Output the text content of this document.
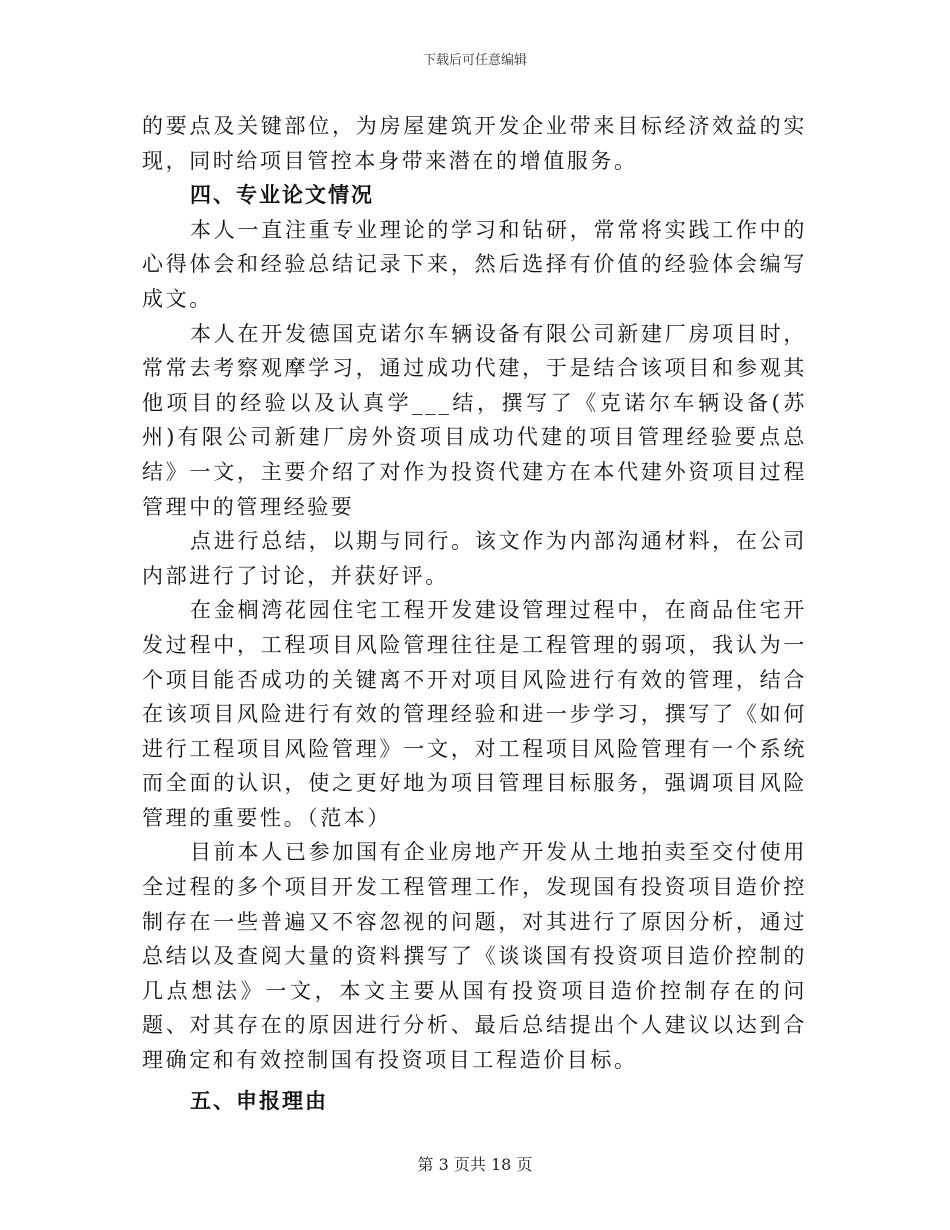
下载后可任意编辑

的要点及关键部位，为房屋建筑开发企业带来目标经济效益的实现，同时给项目管控本身带来潜在的增值服务。

四、专业论文情况

本人一直注重专业理论的学习和钻研，常常将实践工作中的心得体会和经验总结记录下来，然后选择有价值的经验体会编写成文。

本人在开发德国克诺尔车辆设备有限公司新建厂房项目时，常常去考察观摩学习，通过成功代建，于是结合该项目和参观其他项目的经验以及认真学___结，撰写了《克诺尔车辆设备(苏州)有限公司新建厂房外资项目成功代建的项目管理经验要点总结》一文，主要介绍了对作为投资代建方在本代建外资项目过程管理中的管理经验要

点进行总结，以期与同行。该文作为内部沟通材料，在公司内部进行了讨论，并获好评。

在金榈湾花园住宅工程开发建设管理过程中，在商品住宅开发过程中，工程项目风险管理往往是工程管理的弱项，我认为一个项目能否成功的关键离不开对项目风险进行有效的管理，结合在该项目风险进行有效的管理经验和进一步学习，撰写了《如何进行工程项目风险管理》一文，对工程项目风险管理有一个系统而全面的认识，使之更好地为项目管理目标服务，强调项目风险管理的重要性。（范本）

目前本人已参加国有企业房地产开发从土地拍卖至交付使用全过程的多个项目开发工程管理工作，发现国有投资项目造价控制存在一些普遍又不容忽视的问题，对其进行了原因分析，通过总结以及查阅大量的资料撰写了《谈谈国有投资项目造价控制的几点想法》一文，本文主要从国有投资项目造价控制存在的问题、对其存在的原因进行分析、最后总结提出个人建议以达到合理确定和有效控制国有投资项目工程造价目标。

五、申报理由

第 3 页共 18 页
